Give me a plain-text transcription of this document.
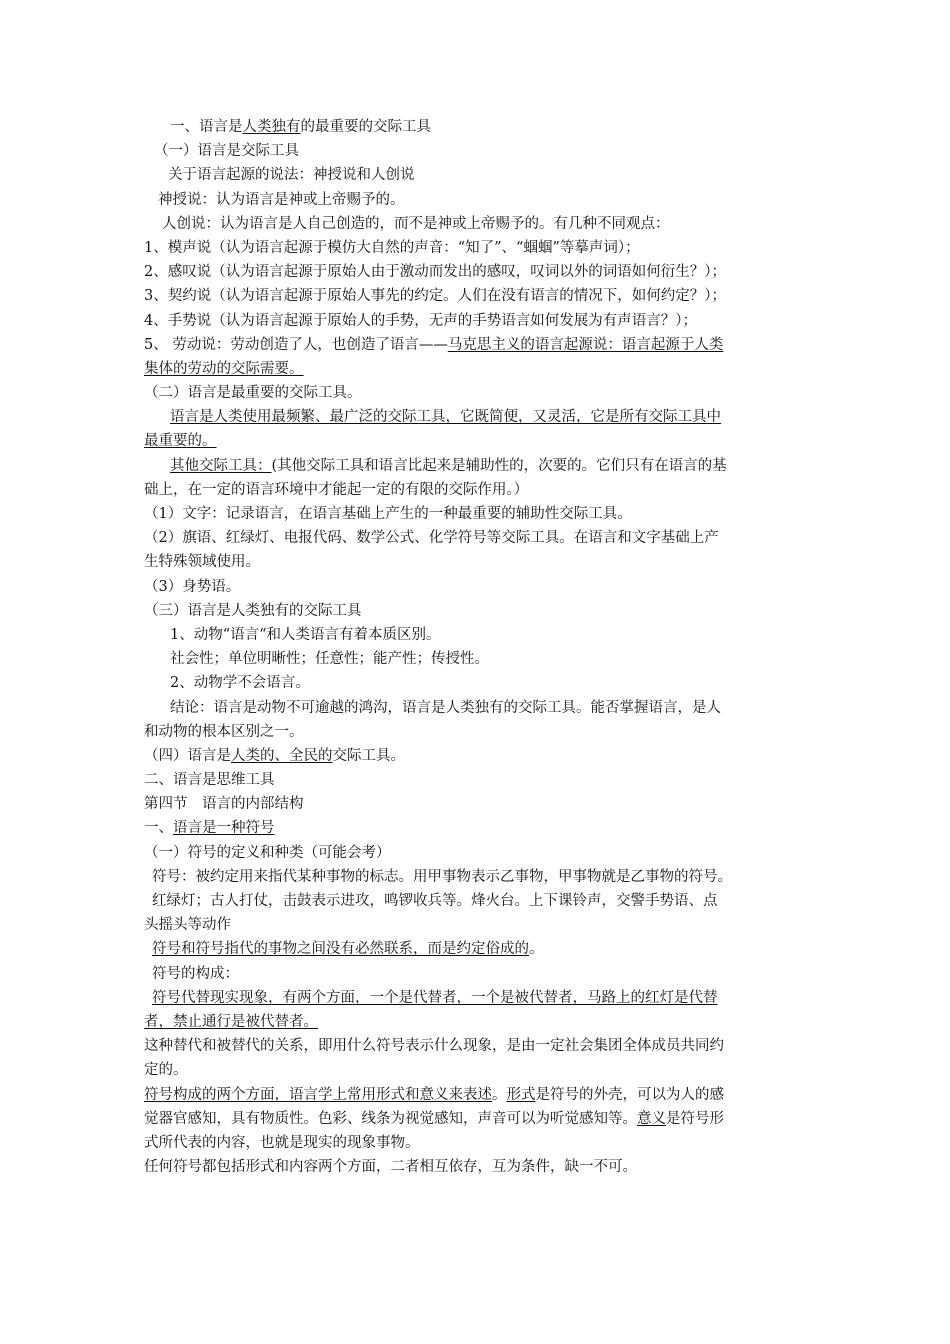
一、语言是人类独有的最重要的交际工具
（一）语言是交际工具
关于语言起源的说法：神授说和人创说
神授说：认为语言是神或上帝赐予的。
人创说：认为语言是人自己创造的，而不是神或上帝赐予的。有几种不同观点：
1、模声说（认为语言起源于模仿大自然的声音：“知了”、“蝈蝈”等摹声词）；
2、感叹说（认为语言起源于原始人由于激动而发出的感叹，叹词以外的词语如何衍生？）；
3、契约说（认为语言起源于原始人事先的约定。人们在没有语言的情况下，如何约定？）；
4、手势说（认为语言起源于原始人的手势，无声的手势语言如何发展为有声语言？）；
5、 劳动说：劳动创造了人，也创造了语言——马克思主义的语言起源说：语言起源于人类
集体的劳动的交际需要。
（二）语言是最重要的交际工具。
语言是人类使用最频繁、最广泛的交际工具，它既简便，又灵活，它是所有交际工具中
最重要的。
其他交际工具：(其他交际工具和语言比起来是辅助性的，次要的。它们只有在语言的基
础上，在一定的语言环境中才能起一定的有限的交际作用。）
（1）文字：记录语言，在语言基础上产生的一种最重要的辅助性交际工具。
（2）旗语、红绿灯、电报代码、数学公式、化学符号等交际工具。在语言和文字基础上产
生特殊领域使用。
（3）身势语。
（三）语言是人类独有的交际工具
1、动物“语言“和人类语言有着本质区别。
社会性；单位明晰性；任意性；能产性；传授性。
2、动物学不会语言。
结论：语言是动物不可逾越的鸿沟，语言是人类独有的交际工具。能否掌握语言，是人
和动物的根本区别之一。
（四）语言是人类的、全民的交际工具。
二、语言是思维工具
第四节　语言的内部结构
一、语言是一种符号
（一）符号的定义和种类（可能会考）
符号：被约定用来指代某种事物的标志。用甲事物表示乙事物，甲事物就是乙事物的符号。
红绿灯；古人打仗，击鼓表示进攻，鸣锣收兵等。烽火台。上下课铃声，交警手势语、点
头摇头等动作
符号和符号指代的事物之间没有必然联系，而是约定俗成的。
符号的构成：
符号代替现实现象，有两个方面，一个是代替者，一个是被代替者，马路上的红灯是代替
者，禁止通行是被代替者。
这种替代和被替代的关系，即用什么符号表示什么现象，是由一定社会集团全体成员共同约
定的。
符号构成的两个方面，语言学上常用形式和意义来表述。形式是符号的外壳，可以为人的感
觉器官感知，具有物质性。色彩、线条为视觉感知，声音可以为听觉感知等。意义是符号形
式所代表的内容，也就是现实的现象事物。
任何符号都包括形式和内容两个方面，二者相互依存，互为条件，缺一不可。
